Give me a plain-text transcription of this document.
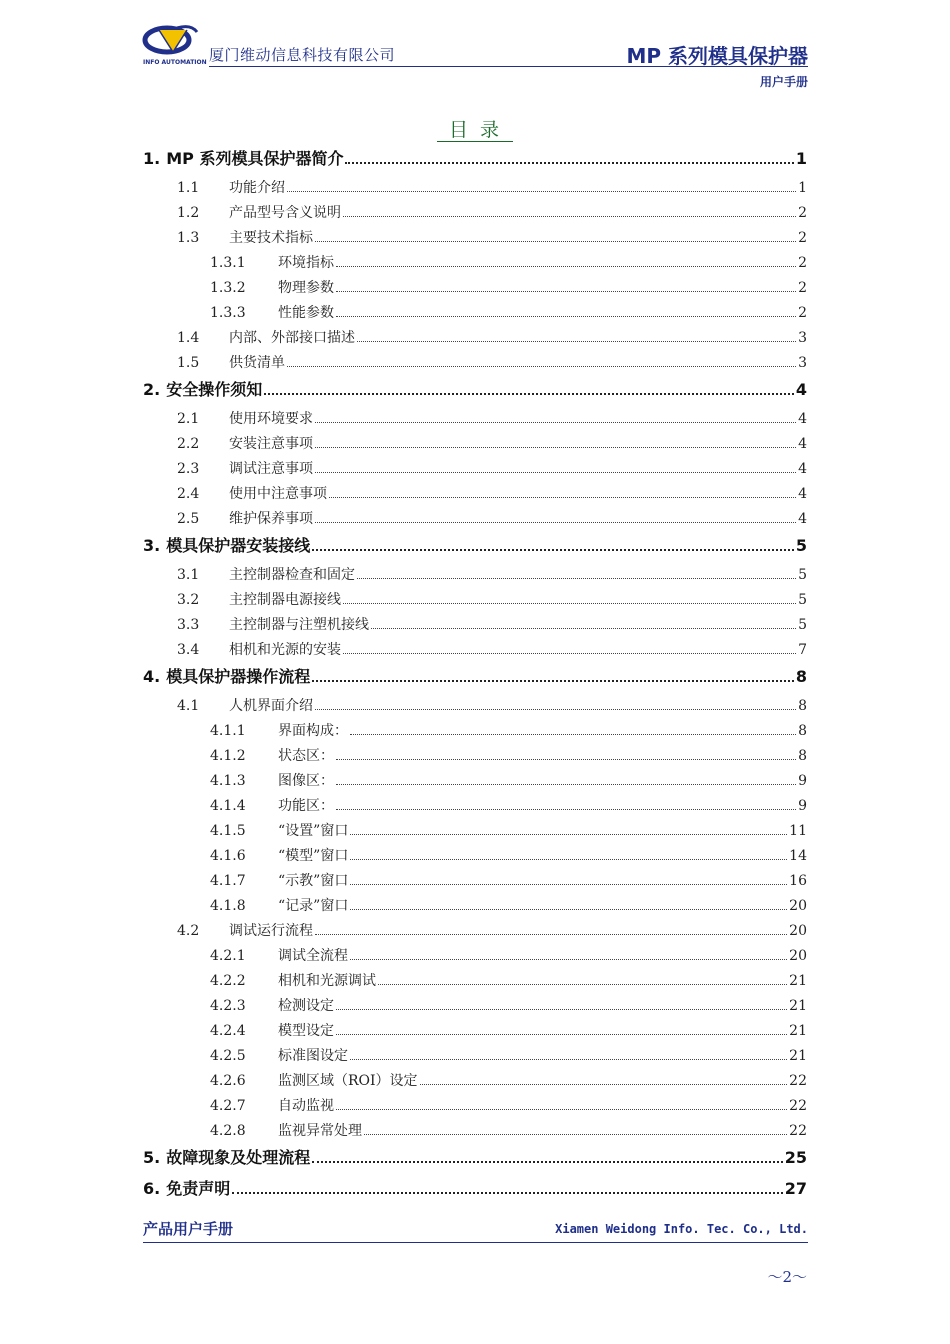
INFO AUTOMATION 厦门维动信息科技有限公司	MP 系列模具保护器
用户手册
目录
1. MP 系列模具保护器简介	1
1.1	功能介绍	1
1.2	产品型号含义说明	2
1.3	主要技术指标	2
1.3.1	环境指标	2
1.3.2	物理参数	2
1.3.3	性能参数	2
1.4	内部、外部接口描述	3
1.5	供货清单	3
2. 安全操作须知	4
2.1	使用环境要求	4
2.2	安装注意事项	4
2.3	调试注意事项	4
2.4	使用中注意事项	4
2.5	维护保养事项	4
3. 模具保护器安装接线	5
3.1	主控制器检查和固定	5
3.2	主控制器电源接线	5
3.3	主控制器与注塑机接线	5
3.4	相机和光源的安装	7
4. 模具保护器操作流程	8
4.1	人机界面介绍	8
4.1.1	界面构成：	8
4.1.2	状态区：	8
4.1.3	图像区：	9
4.1.4	功能区：	9
4.1.5	“设置”窗口	11
4.1.6	“模型”窗口	14
4.1.7	“示教”窗口	16
4.1.8	“记录”窗口	20
4.2	调试运行流程	20
4.2.1	调试全流程	20
4.2.2	相机和光源调试	21
4.2.3	检测设定	21
4.2.4	模型设定	21
4.2.5	标准图设定	21
4.2.6	监测区域（ROI）设定	22
4.2.7	自动监视	22
4.2.8	监视异常处理	22
5. 故障现象及处理流程	25
6. 免责声明	27
产品用户手册	Xiamen Weidong Info. Tec. Co., Ltd.
～2～
